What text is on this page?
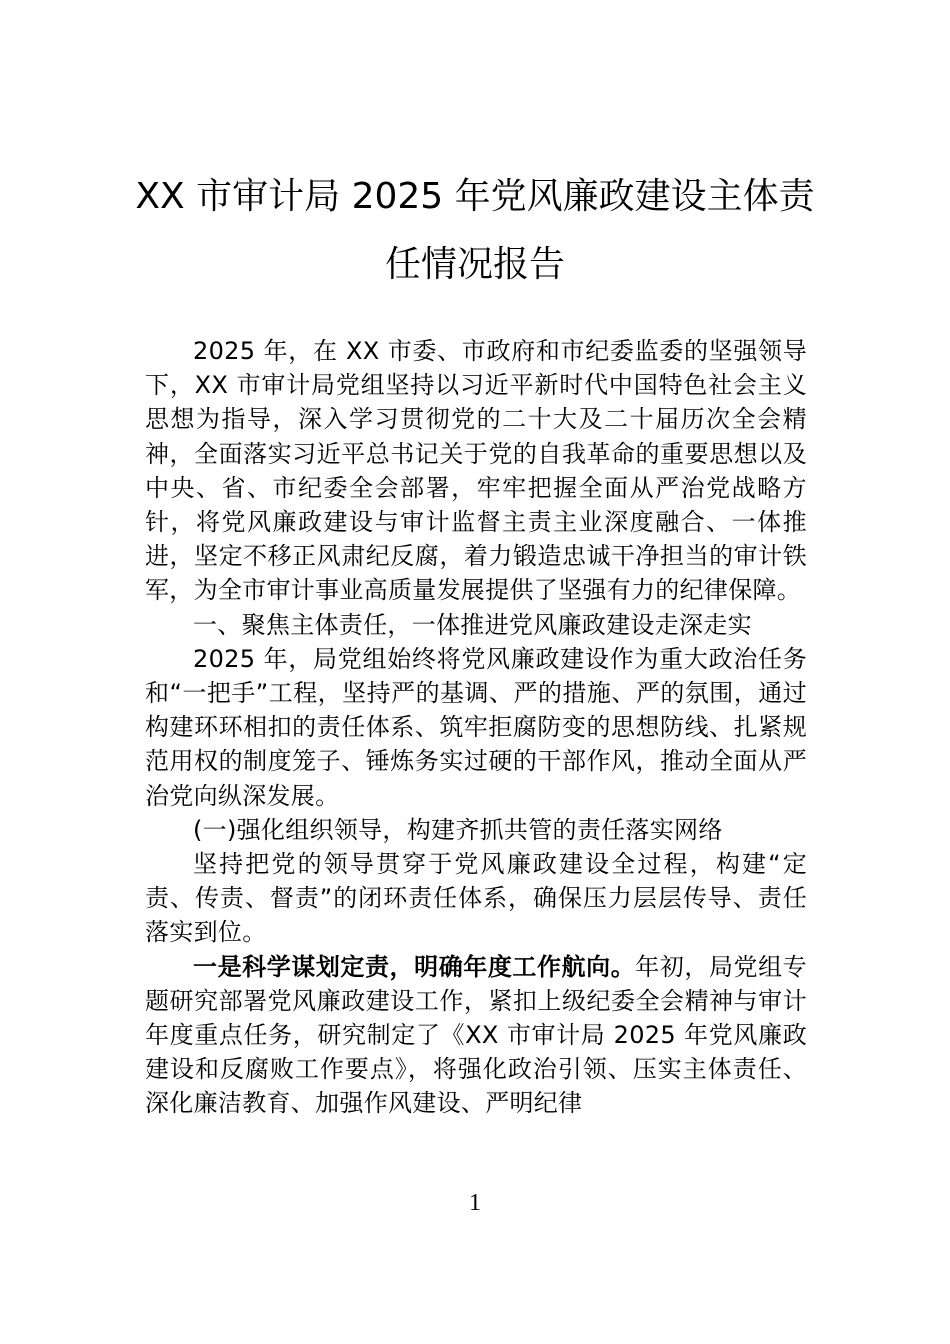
XX 市审计局 2025 年党风廉政建设主体责
任情况报告

2025 年，在 XX 市委、市政府和市纪委监委的坚强领导下，XX 市审计局党组坚持以习近平新时代中国特色社会主义思想为指导，深入学习贯彻党的二十大及二十届历次全会精神，全面落实习近平总书记关于党的自我革命的重要思想以及中央、省、市纪委全会部署，牢牢把握全面从严治党战略方针，将党风廉政建设与审计监督主责主业深度融合、一体推进，坚定不移正风肃纪反腐，着力锻造忠诚干净担当的审计铁军，为全市审计事业高质量发展提供了坚强有力的纪律保障。

一、聚焦主体责任，一体推进党风廉政建设走深走实

2025 年，局党组始终将党风廉政建设作为重大政治任务和“一把手”工程，坚持严的基调、严的措施、严的氛围，通过构建环环相扣的责任体系、筑牢拒腐防变的思想防线、扎紧规范用权的制度笼子、锤炼务实过硬的干部作风，推动全面从严治党向纵深发展。

(一)强化组织领导，构建齐抓共管的责任落实网络

坚持把党的领导贯穿于党风廉政建设全过程，构建“定责、传责、督责”的闭环责任体系，确保压力层层传导、责任落实到位。

一是科学谋划定责，明确年度工作航向。年初，局党组专题研究部署党风廉政建设工作，紧扣上级纪委全会精神与审计年度重点任务，研究制定了《XX 市审计局 2025 年党风廉政建设和反腐败工作要点》，将强化政治引领、压实主体责任、深化廉洁教育、加强作风建设、严明纪律

1
